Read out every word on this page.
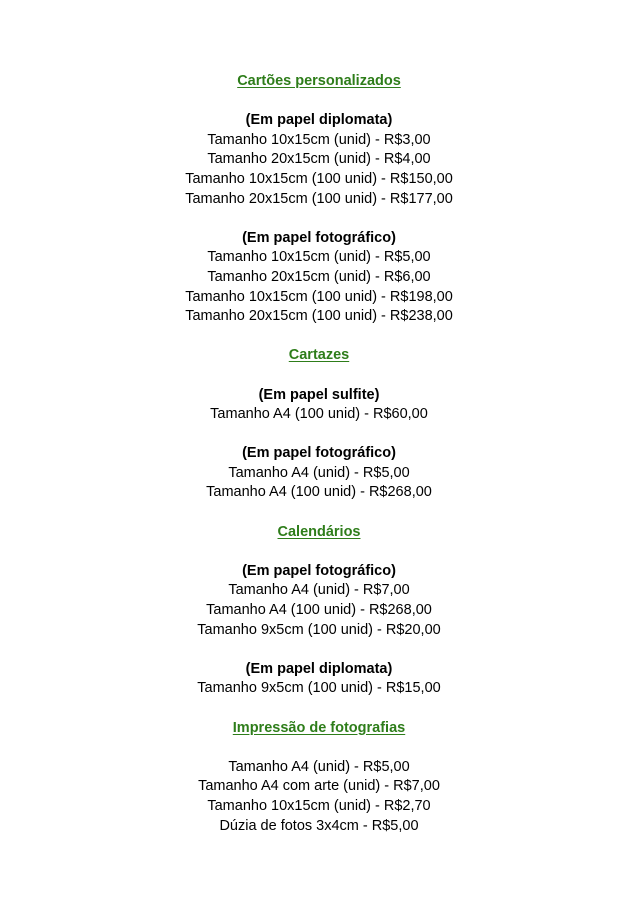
Cartões personalizados

(Em papel diplomata)

Tamanho 10x15cm (unid) - R$3,00

Tamanho 20x15cm (unid) - R$4,00

Tamanho 10x15cm (100 unid) - R$150,00

Tamanho 20x15cm (100 unid) - R$177,00

(Em papel fotográfico)

Tamanho 10x15cm (unid) - R$5,00

Tamanho 20x15cm (unid) - R$6,00

Tamanho 10x15cm (100 unid) - R$198,00

Tamanho 20x15cm (100 unid) - R$238,00

Cartazes

(Em papel sulfite)

Tamanho A4 (100 unid) - R$60,00

(Em papel fotográfico)

Tamanho A4 (unid) - R$5,00

Tamanho A4 (100 unid) - R$268,00

Calendários

(Em papel fotográfico)

Tamanho A4 (unid) - R$7,00

Tamanho A4 (100 unid) - R$268,00

Tamanho 9x5cm (100 unid) - R$20,00

(Em papel diplomata)

Tamanho 9x5cm (100 unid) - R$15,00

Impressão de fotografias

Tamanho A4 (unid) - R$5,00

Tamanho A4 com arte (unid) - R$7,00

Tamanho 10x15cm (unid) - R$2,70

Dúzia de fotos 3x4cm - R$5,00
